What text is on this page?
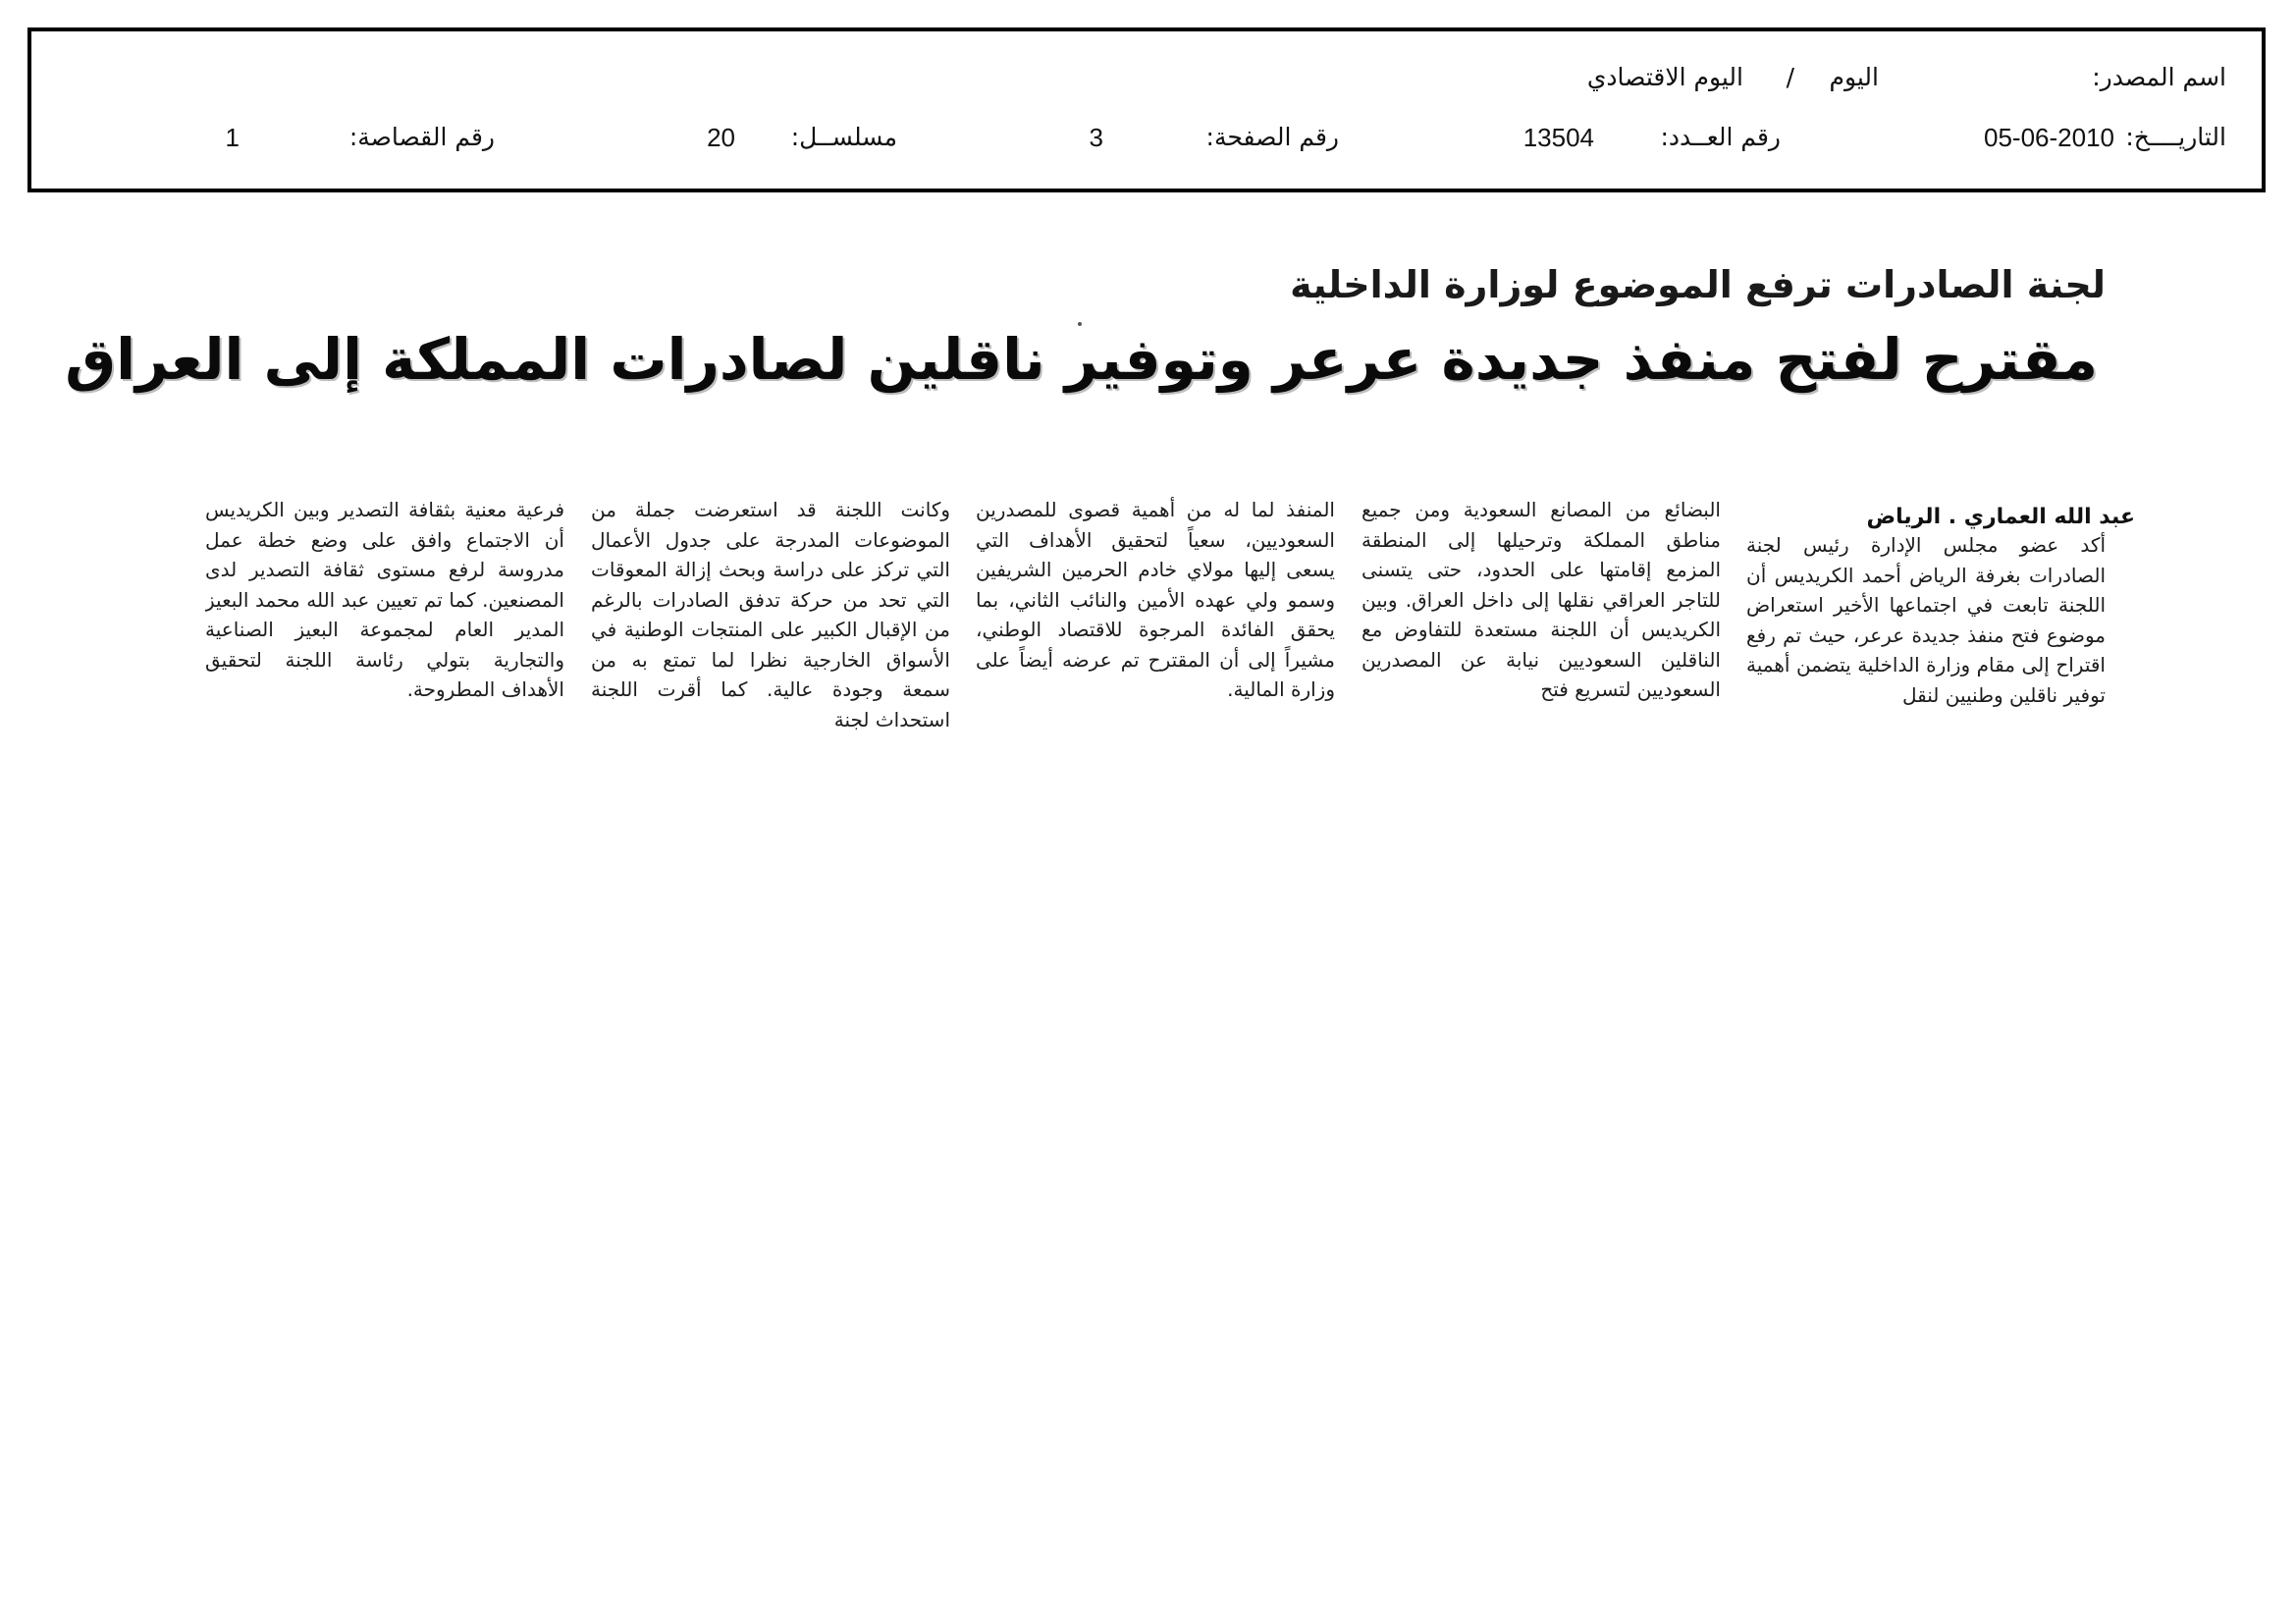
اسم المصدر:
اليوم
/
اليوم الاقتصادي
التاريــــخ:
05-06-2010
رقم العــدد:
13504
رقم الصفحة:
3
مسلســل:
20
رقم القصاصة:
1
لجنة الصادرات ترفع الموضوع لوزارة الداخلية
مقترح لفتح منفذ جديدة عرعر وتوفير ناقلين لصادرات المملكة إلى العراق
عبد الله العماري . الرياض

أكد عضو مجلس الإدارة رئيس لجنة الصادرات بغرفة الرياض أحمد الكريديس أن اللجنة تابعت في اجتماعها الأخير استعراض موضوع فتح منفذ جديدة عرعر، حيث تم رفع اقتراح إلى مقام وزارة الداخلية يتضمن أهمية توفير ناقلين وطنيين لنقل

البضائع من المصانع السعودية ومن جميع مناطق المملكة وترحيلها إلى المنطقة المزمع إقامتها على الحدود، حتى يتسنى للتاجر العراقي نقلها إلى داخل العراق. وبين الكريديس أن اللجنة مستعدة للتفاوض مع الناقلين السعوديين نيابة عن المصدرين السعوديين لتسريع فتح

المنفذ لما له من أهمية قصوى للمصدرين السعوديين، سعياً لتحقيق الأهداف التي يسعى إليها مولاي خادم الحرمين الشريفين وسمو ولي عهده الأمين والنائب الثاني، بما يحقق الفائدة المرجوة للاقتصاد الوطني، مشيراً إلى أن المقترح تم عرضه أيضاً على وزارة المالية.

وكانت اللجنة قد استعرضت جملة من الموضوعات المدرجة على جدول الأعمال التي تركز على دراسة وبحث إزالة المعوقات التي تحد من حركة تدفق الصادرات بالرغم من الإقبال الكبير على المنتجات الوطنية في الأسواق الخارجية نظرا لما تمتع به من سمعة وجودة عالية. كما أقرت اللجنة استحداث لجنة

فرعية معنية بثقافة التصدير وبين الكريديس أن الاجتماع وافق على وضع خطة عمل مدروسة لرفع مستوى ثقافة التصدير لدى المصنعين. كما تم تعيين عبد الله محمد البعيز المدير العام لمجموعة البعيز الصناعية والتجارية بتولي رئاسة اللجنة لتحقيق الأهداف المطروحة.
